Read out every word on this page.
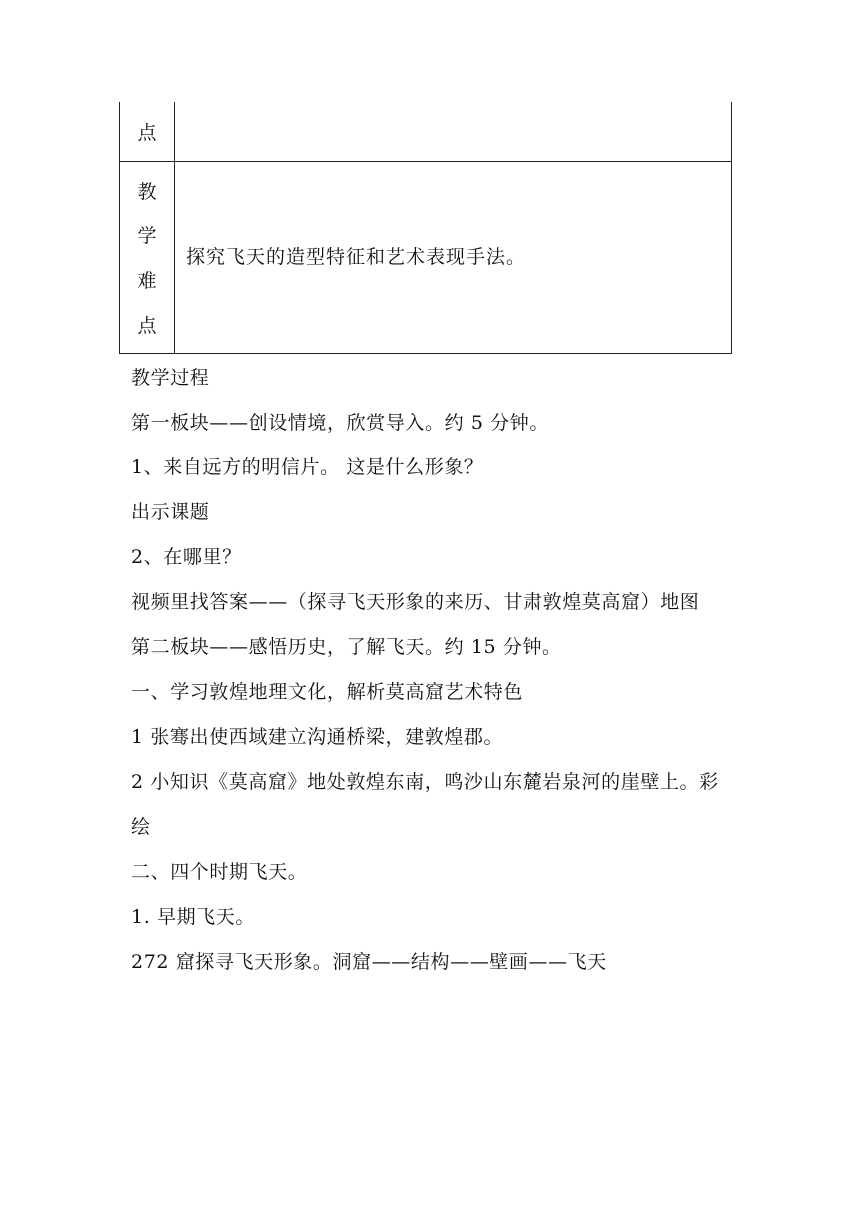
点
教
学
难
点
探究飞天的造型特征和艺术表现手法。
教学过程
第一板块——创设情境，欣赏导入。约 5 分钟。
1、来自远方的明信片。 这是什么形象？
出示课题
2、在哪里？
视频里找答案——（探寻飞天形象的来历、甘肃敦煌莫高窟）地图
第二板块——感悟历史，了解飞天。约 15 分钟。
一、学习敦煌地理文化，解析莫高窟艺术特色
1 张骞出使西域建立沟通桥梁，建敦煌郡。
2 小知识《莫高窟》地处敦煌东南，鸣沙山东麓岩泉河的崖壁上。彩
绘
二、四个时期飞天。
1. 早期飞天。
272 窟探寻飞天形象。洞窟——结构——壁画——飞天
